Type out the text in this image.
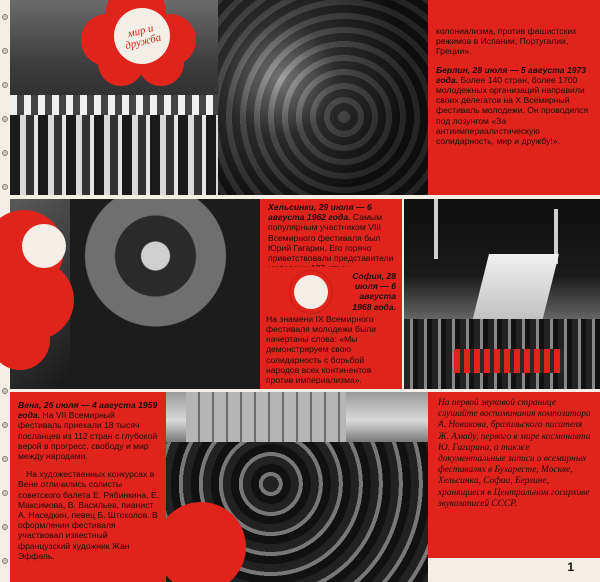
мир и дружба
колониализма, против фашистских режимов в Испании, Португалии, Греции».
Берлин, 28 июля — 5 августа 1973 года. Более 140 стран, более 1700 молодежных организаций направили своих делегатов на X Всемирный фестиваль молодежи. Он проводился под лозунгом «За антиимпериалистическую солидарность, мир и дружбу!».
Хельсинки, 29 июля — 6 августа 1962 года. Самым популярным участником VIII Всемирного фестиваля был Юрий Гагарин. Его горячо приветствовали представители
София, 28 июля — 6 августа 1968 года.
На знамени IX Всемирного фестиваля молодежи были начертаны слова: «Мы демонстрируем свою солидарность с борьбой народов всех континентов против империализма».
Вена, 26 июля — 4 августа 1959 года. На VII Всемирный фестиваль приехали 18 тысяч посланцев из 112 стран с глубокой верой в прогресс, свободу и мир между народами.
На художественных конкурсах в Вене отличились солисты советского балета Е. Рябинкина, Е. Максимова, В. Васильев, пианист А. Наседкин, певец Б. Штоколов. В оформлении фестиваля участвовал известный французский художник Жан Эффель.
На первой звуковой странице слушайте воспоминания композитора А. Новикова, бразильского писателя Ж. Амаду, первого в мире космонавта Ю. Гагарина, а также документальные записи о всемирных фестивалях в Бухаресте, Москве, Хельсинки, Софии, Берлине, хранящиеся в Центральном госархиве звукозаписей СССР.
1
